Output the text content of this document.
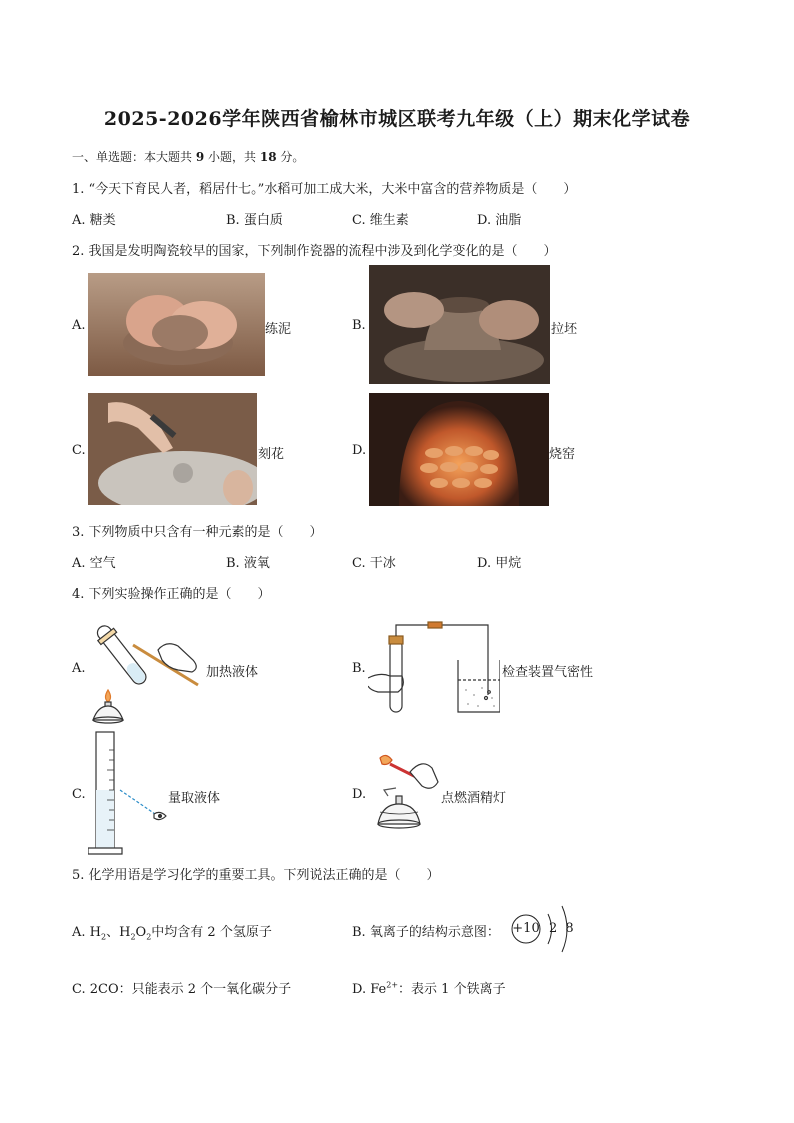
2025-2026学年陕西省榆林市城区联考九年级（上）期末化学试卷
一、单选题：本大题共 9 小题，共 18 分。
1. “今天下育民人者，稻居什七。”水稻可加工成大米，大米中富含的营养物质是（　　）
A. 糖类	B. 蛋白质	C. 维生素	D. 油脂
2. 我国是发明陶瓷较早的国家，下列制作瓷器的流程中涉及到化学变化的是（　　）
A.	练泥	B.	拉坯
C.	刻花	D.	烧窑
3. 下列物质中只含有一种元素的是（　　）
A. 空气	B. 液氧	C. 干冰	D. 甲烷
4. 下列实验操作正确的是（　　）
A.	加热液体	B.	检查装置气密性
C.	量取液体	D.	点燃酒精灯
5. 化学用语是学习化学的重要工具。下列说法正确的是（　　）
A. $H_2$、$H_2O_2$中均含有 2 个氢原子	B. 氧离子的结构示意图： +10 2 8
C. 2CO：只能表示 2 个一氧化碳分子	D. $Fe^{2+}$：表示 1 个铁离子
